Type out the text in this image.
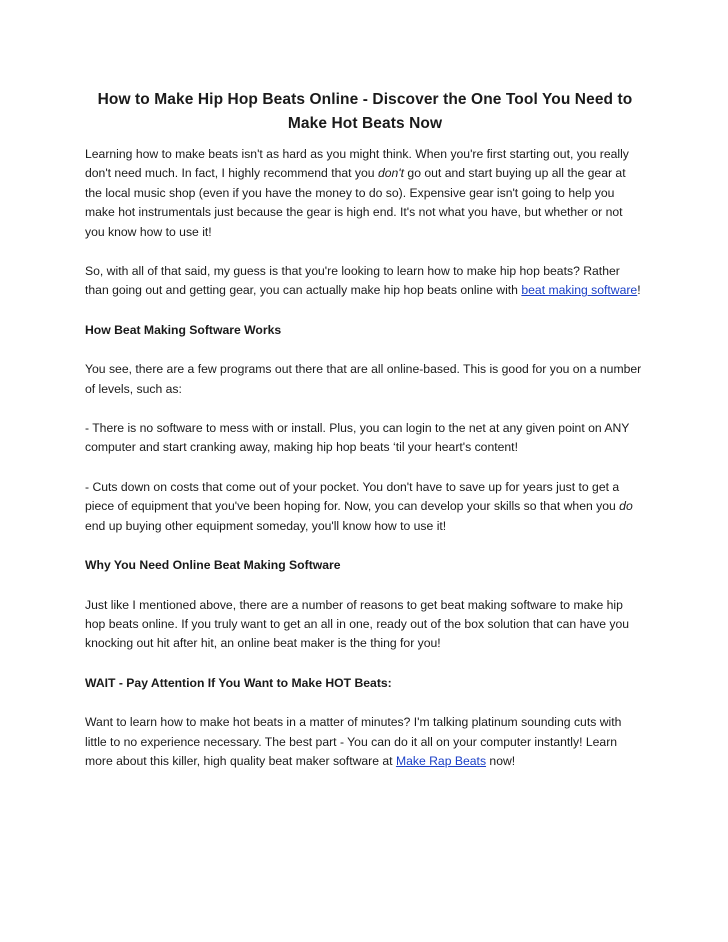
How to Make Hip Hop Beats Online - Discover the One Tool You Need to Make Hot Beats Now

Learning how to make beats isn't as hard as you might think. When you're first starting out, you really don't need much. In fact, I highly recommend that you don't go out and start buying up all the gear at the local music shop (even if you have the money to do so). Expensive gear isn't going to help you make hot instrumentals just because the gear is high end. It's not what you have, but whether or not you know how to use it!

So, with all of that said, my guess is that you're looking to learn how to make hip hop beats? Rather than going out and getting gear, you can actually make hip hop beats online with beat making software!

How Beat Making Software Works

You see, there are a few programs out there that are all online-based. This is good for you on a number of levels, such as:

- There is no software to mess with or install. Plus, you can login to the net at any given point on ANY computer and start cranking away, making hip hop beats ‘til your heart's content!

- Cuts down on costs that come out of your pocket. You don't have to save up for years just to get a piece of equipment that you've been hoping for. Now, you can develop your skills so that when you do end up buying other equipment someday, you'll know how to use it!

Why You Need Online Beat Making Software

Just like I mentioned above, there are a number of reasons to get beat making software to make hip hop beats online. If you truly want to get an all in one, ready out of the box solution that can have you knocking out hit after hit, an online beat maker is the thing for you!

WAIT - Pay Attention If You Want to Make HOT Beats:

Want to learn how to make hot beats in a matter of minutes? I'm talking platinum sounding cuts with little to no experience necessary. The best part - You can do it all on your computer instantly! Learn more about this killer, high quality beat maker software at Make Rap Beats now!
